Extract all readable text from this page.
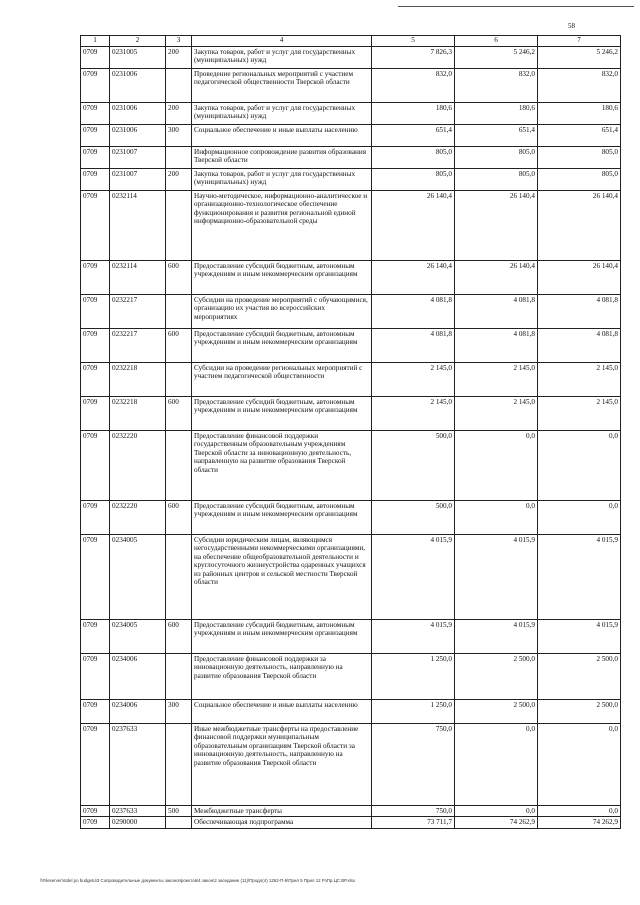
58
1	2	3	4	5	6	7
0709	0231005	200	Закупка товаров, работ и услуг для государственных (муниципальных) нужд	7 826,3	5 246,2	5 246,2
0709	0231006		Проведение региональных мероприятий с участием педагогической общественности Тверской области	832,0	832,0	832,0
0709	0231006	200	Закупка товаров, работ и услуг для государственных (муниципальных) нужд	180,6	180,6	180,6
0709	0231006	300	Социальное обеспечение и иные выплаты населению	651,4	651,4	651,4
0709	0231007		Информационное сопровождение развития образования Тверской области	805,0	805,0	805,0
0709	0231007	200	Закупка товаров, работ и услуг для государственных (муниципальных) нужд	805,0	805,0	805,0
0709	0232114		Научно-методическое, информационно-аналитическое и организационно-технологическое обеспечение функционирования и развития региональной единой информационно-образовательной среды	26 140,4	26 140,4	26 140,4
0709	0232114	600	Предоставление субсидий бюджетным, автономным учреждениям и иным некоммерческим организациям	26 140,4	26 140,4	26 140,4
0709	0232217		Субсидии на проведение мероприятий с обучающимися, организацию их участия во всероссийских мероприятиях	4 081,8	4 081,8	4 081,8
0709	0232217	600	Предоставление субсидий бюджетным, автономным учреждениям и иным некоммерческим организациям	4 081,8	4 081,8	4 081,8
0709	0232218		Субсидии на проведение региональных мероприятий с участием педагогической общественности	2 145,0	2 145,0	2 145,0
0709	0232218	600	Предоставление субсидий бюджетным, автономным учреждениям и иным некоммерческим организациям	2 145,0	2 145,0	2 145,0
0709	0232220		Предоставление финансовой поддержки государственным образовательным учреждениям Тверской области за инновационную деятельность, направленную на развитие образования Тверской области	500,0	0,0	0,0
0709	0232220	600	Предоставление субсидий бюджетным, автономным учреждениям и иным некоммерческим организациям	500,0	0,0	0,0
0709	0234005		Субсидии юридическим лицам, являющимся негосударственными некоммерческими организациями, на обеспечение общеобразовательной деятельности и круглосуточного жизнеустройства одаренных учащихся из районных центров и сельской местности Тверской области	4 015,9	4 015,9	4 015,9
0709	0234005	600	Предоставление субсидий бюджетным, автономным учреждениям и иным некоммерческим организациям	4 015,9	4 015,9	4 015,9
0709	0234006		Предоставление финансовой поддержки за инновационную деятельность, направленную на развитие образования Тверской области	1 250,0	2 500,0	2 500,0
0709	0234006	300	Социальное обеспечение и иные выплаты населению	1 250,0	2 500,0	2 500,0
0709	0237633		Иные межбюджетные трансферты на предоставление финансовой поддержки муниципальным образовательным организациям Тверской области за инновационную деятельность, направленную на развитие образования Тверской области	750,0	0,0	0,0
0709	0237633	500	Межбюджетные трансферты	750,0	0,0	0,0
0709	0290000		Обеспечивающая подпрограмма	73 711,7	74 262,9	74 262,9
\\Fileserver\otdel po budgetu\3 Сопроводительные документы законопроектов\4 закон\2 заседание (11)\Продл(4) 1262-П-5\Прил 5 Прил 12 РзПр.ЦС.ВР.xlsx
